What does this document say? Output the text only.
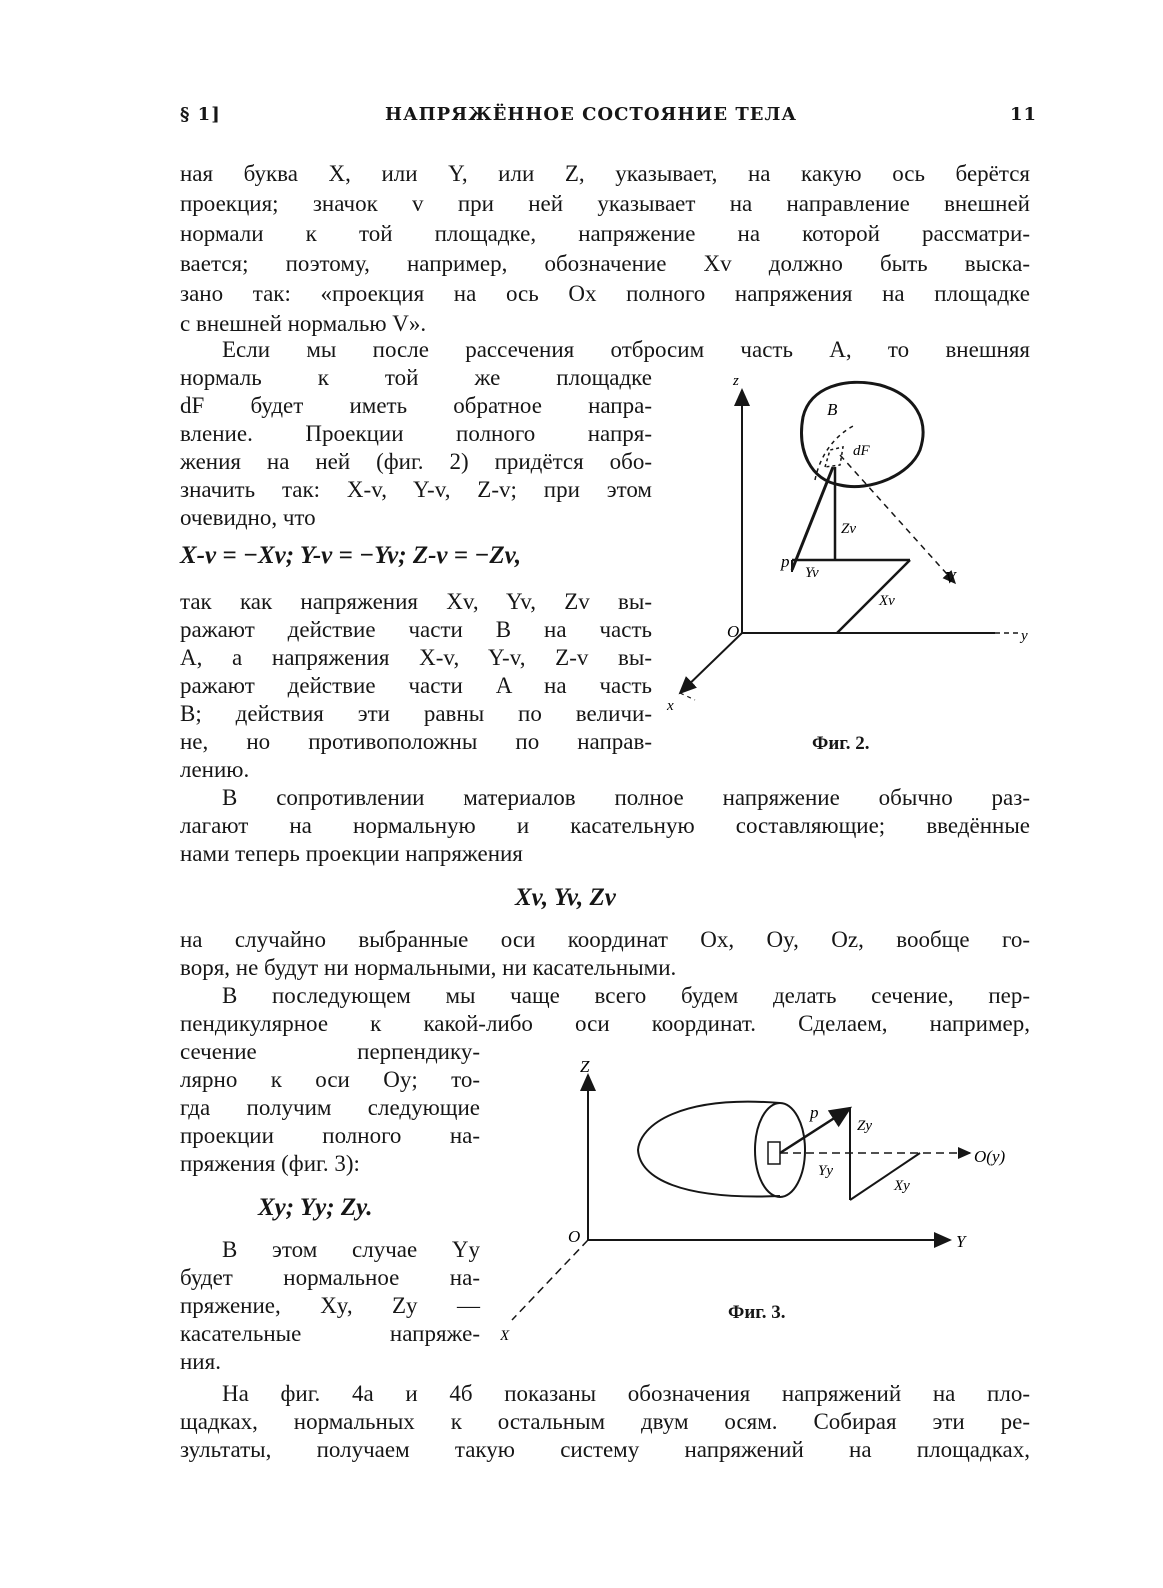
§ 1]	НАПРЯЖЁННОЕ СОСТОЯНИЕ ТЕЛА	11
ная буква X, или Y, или Z, указывает, на какую ось берётся
проекция; значок v при ней указывает на направление внешней
нормали к той площадке, напряжение на которой рассматри-
вается; поэтому, например, обозначение Xv должно быть выска-
зано так: «проекция на ось Ox полного напряжения на площадке
с внешней нормалью V».
Если мы после рассечения отбросим часть A, то внешняя
нормаль к той же площадке
dF будет иметь обратное напра-
вление. Проекции полного напря-
жения на ней (фиг. 2) придётся обо-
значить так: X-v, Y-v, Z-v; при этом
очевидно, что
X-v = −Xv; Y-v = −Yv; Z-v = −Zv,
так как напряжения Xv, Yv, Zv вы-
ражают действие части B на часть
A, а напряжения X-v, Y-v, Z-v вы-
ражают действие части A на часть
B; действия эти равны по величи-
не, но противоположны по направ-
лению.
z
B
dF
Zv
p
Yv	V
Xv
O	y
x
Фиг. 2.
В сопротивлении материалов полное напряжение обычно раз-
лагают на нормальную и касательную составляющие; введённые
нами теперь проекции напряжения
Xv, Yv, Zv
на случайно выбранные оси координат Ox, Oy, Oz, вообще го-
воря, не будут ни нормальными, ни касательными.
В последующем мы чаще всего будем делать сечение, пер-
пендикулярное к какой-либо оси координат. Сделаем, например,
сечение перпендику-
лярно к оси Oy; то-
гда получим следующие
проекции полного на-
пряжения (фиг. 3):
Xy; Yy; Zy.
В этом случае Yy
будет нормальное на-
пряжение, Xy, Zy —
касательные напряже-
ния.
Z
p
Zy
Yy
Xy
O(y)
O	Y
X
Фиг. 3.
На фиг. 4а и 4б показаны обозначения напряжений на пло-
щадках, нормальных к остальным двум осям. Собирая эти ре-
зультаты, получаем такую систему напряжений на площадках,
